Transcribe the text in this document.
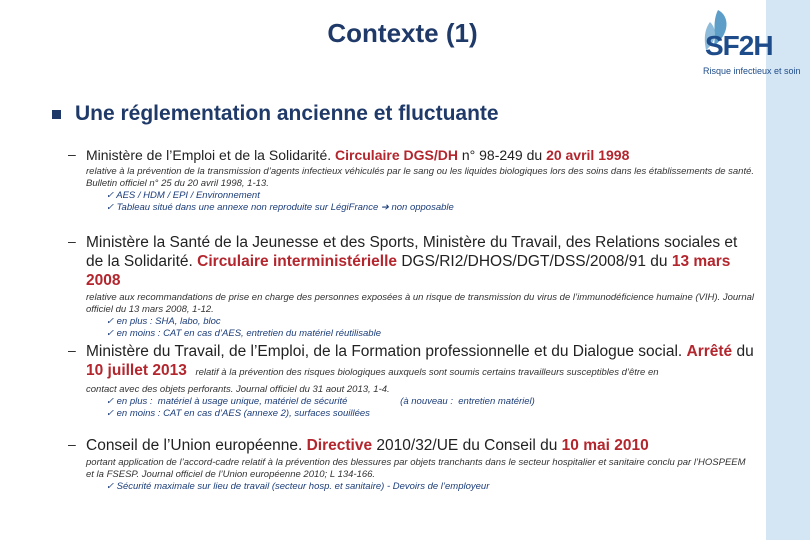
Contexte (1)	SF2H
Risque infectieux et soin
Une réglementation ancienne et fluctuante
– Ministère de l’Emploi et de la Solidarité. Circulaire DGS/DH n° 98-249 du 20 avril 1998
relative à la prévention de la transmission d’agents infectieux véhiculés par le sang ou les liquides biologiques lors des soins dans les établissements de santé. Bulletin officiel n° 25 du 20 avril 1998, 1-13.
✓ AES / HDM / EPI / Environnement
✓ Tableau situé dans une annexe non reproduite sur LégiFrance ➔ non opposable
– Ministère la Santé de la Jeunesse et des Sports, Ministère du Travail, des Relations sociales et de la Solidarité. Circulaire interministérielle DGS/RI2/DHOS/DGT/DSS/2008/91 du 13 mars 2008
relative aux recommandations de prise en charge des personnes exposées à un risque de transmission du virus de l’immunodéficience humaine (VIH). Journal officiel du 13 mars 2008, 1-12.
✓ en plus : SHA, labo, bloc
✓ en moins : CAT en cas d’AES, entretien du matériel réutilisable
– Ministère du Travail, de l’Emploi, de la Formation professionnelle et du Dialogue social. Arrêté du 10 juillet 2013 relatif à la prévention des risques biologiques auxquels sont soumis certains travailleurs susceptibles d’être en
contact avec des objets perforants. Journal officiel du 31 aout 2013, 1-4.
✓ en plus :  matériel à usage unique, matériel de sécurité                    (à nouveau :  entretien matériel)
✓ en moins : CAT en cas d’AES (annexe 2), surfaces souillées
– Conseil de l’Union européenne. Directive 2010/32/UE du Conseil du 10 mai 2010
portant application de l’accord-cadre relatif à la prévention des blessures par objets tranchants dans le secteur hospitalier et sanitaire conclu par l’HOSPEEM et la FSESP. Journal officiel de l’Union européenne 2010; L 134-166.
✓ Sécurité maximale sur lieu de travail (secteur hosp. et sanitaire) - Devoirs de l’employeur
